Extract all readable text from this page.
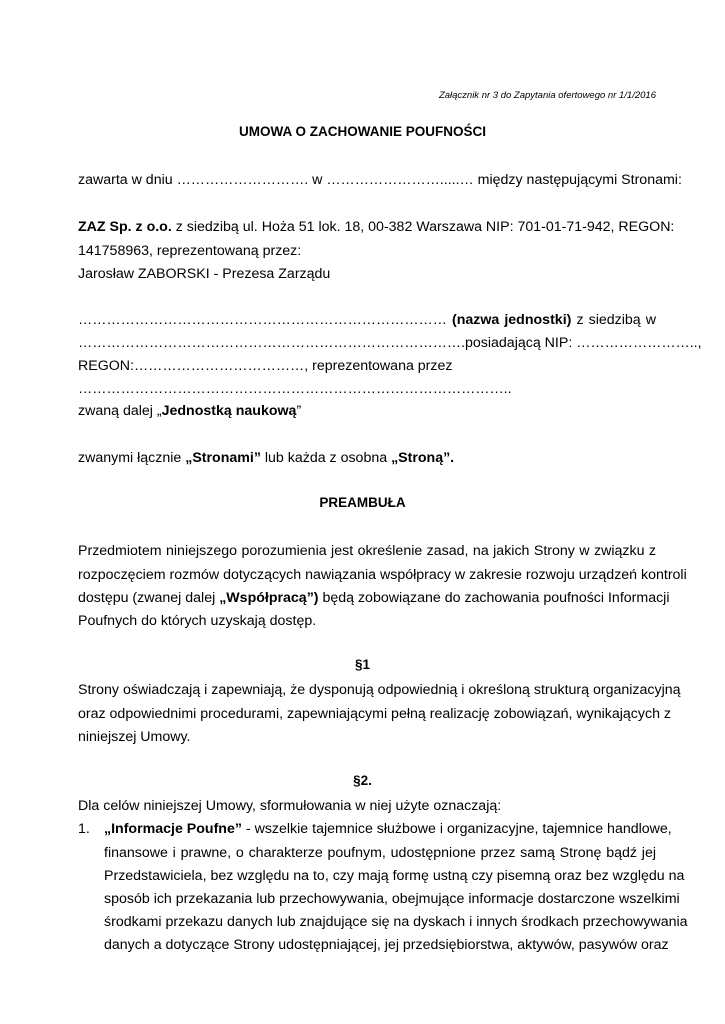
Załącznik nr 3 do Zapytania ofertowego nr 1/1/2016
UMOWA O ZACHOWANIE POUFNOŚCI
zawarta w dniu ………………………. w …………………….....… między następującymi Stronami:
ZAZ Sp. z o.o. z siedzibą ul. Hoża 51 lok. 18, 00-382 Warszawa NIP: 701-01-71-942, REGON:
141758963, reprezentowaną przez:
Jarosław ZABORSKI - Prezesa Zarządu
…………………………………………………………………… (nazwa jednostki) z siedzibą w
……………………………………………………………………….posiadającą NIP: ……………………..,
REGON:………………………………, reprezentowana przez
………………………………………………………………………………..
zwaną dalej „Jednostką naukową”
zwanymi łącznie „Stronami” lub każda z osobna „Stroną”.
PREAMBUŁA
Przedmiotem niniejszego porozumienia jest określenie zasad, na jakich Strony w związku z
rozpoczęciem rozmów dotyczących nawiązania współpracy w zakresie rozwoju urządzeń kontroli
dostępu (zwanej dalej „Współpracą”) będą zobowiązane do zachowania poufności Informacji
Poufnych do których uzyskają dostęp.
§1
Strony oświadczają i zapewniają, że dysponują odpowiednią i określoną strukturą organizacyjną
oraz odpowiednimi procedurami, zapewniającymi pełną realizację zobowiązań, wynikających z
niniejszej Umowy.
§2.
Dla celów niniejszej Umowy, sformułowania w niej użyte oznaczają:
1. „Informacje Poufne” - wszelkie tajemnice służbowe i organizacyjne, tajemnice handlowe,
finansowe i prawne, o charakterze poufnym, udostępnione przez samą Stronę bądź jej
Przedstawiciela, bez względu na to, czy mają formę ustną czy pisemną oraz bez względu na
sposób ich przekazania lub przechowywania, obejmujące informacje dostarczone wszelkimi
środkami przekazu danych lub znajdujące się na dyskach i innych środkach przechowywania
danych a dotyczące Strony udostępniającej, jej przedsiębiorstwa, aktywów, pasywów oraz
